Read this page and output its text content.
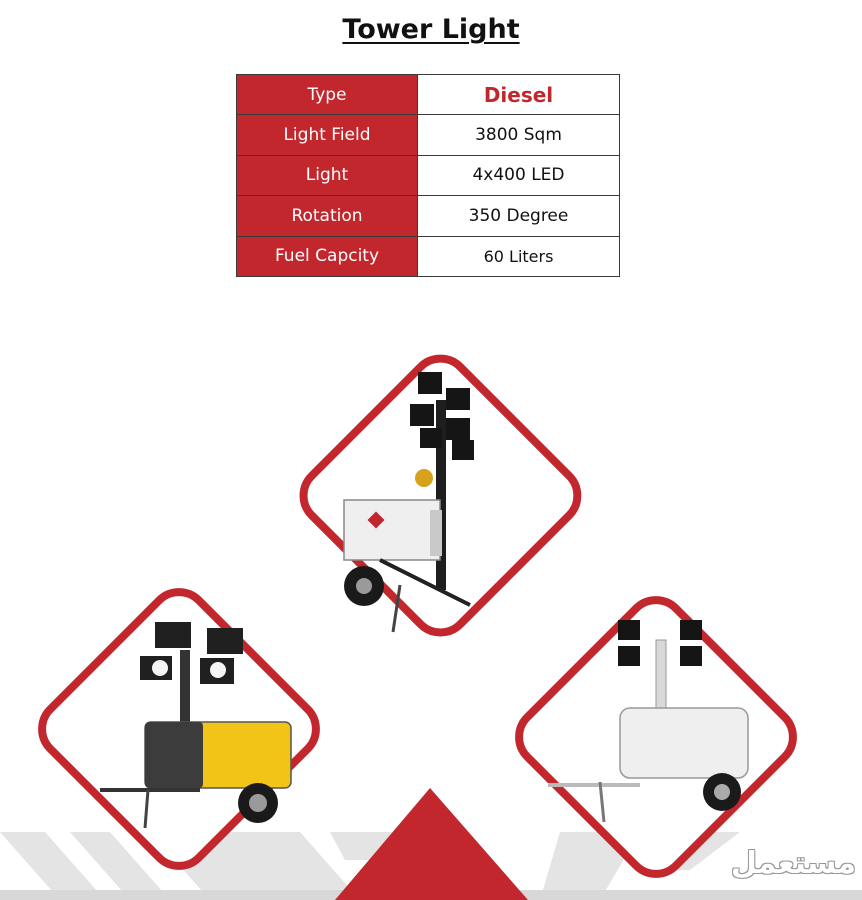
Tower Light
Type	Diesel
Light Field	3800 Sqm
Light	4x400 LED
Rotation	350 Degree
Fuel Capcity	60 Liters
مستعمل
